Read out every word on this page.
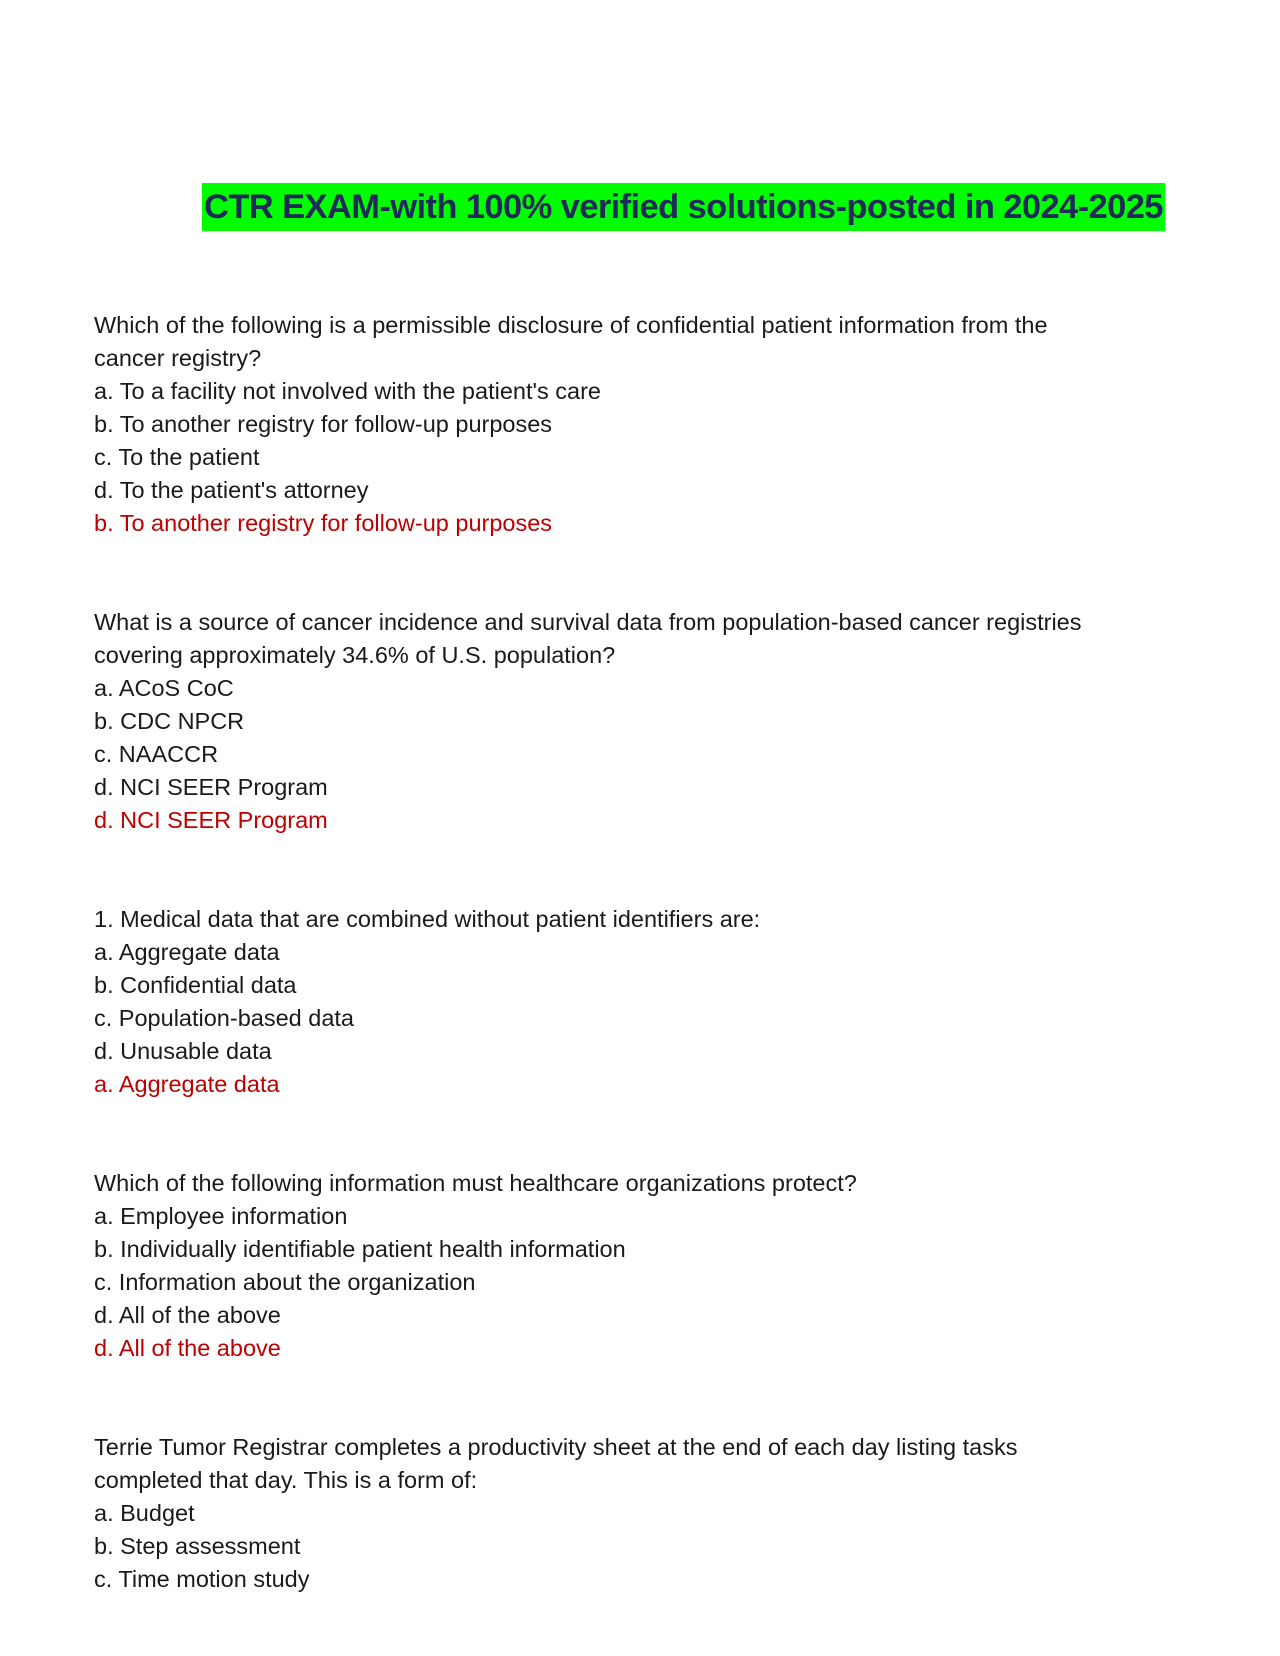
CTR EXAM-with 100% verified solutions-posted in 2024-2025
Which of the following is a permissible disclosure of confidential patient information from the
cancer registry?
a. To a facility not involved with the patient's care
b. To another registry for follow-up purposes
c. To the patient
d. To the patient's attorney
b. To another registry for follow-up purposes
What is a source of cancer incidence and survival data from population-based cancer registries
covering approximately 34.6% of U.S. population?
a. ACoS CoC
b. CDC NPCR
c. NAACCR
d. NCI SEER Program
d. NCI SEER Program
1. Medical data that are combined without patient identifiers are:
a. Aggregate data
b. Confidential data
c. Population-based data
d. Unusable data
a. Aggregate data
Which of the following information must healthcare organizations protect?
a. Employee information
b. Individually identifiable patient health information
c. Information about the organization
d. All of the above
d. All of the above
Terrie Tumor Registrar completes a productivity sheet at the end of each day listing tasks
completed that day. This is a form of:
a. Budget
b. Step assessment
c. Time motion study
